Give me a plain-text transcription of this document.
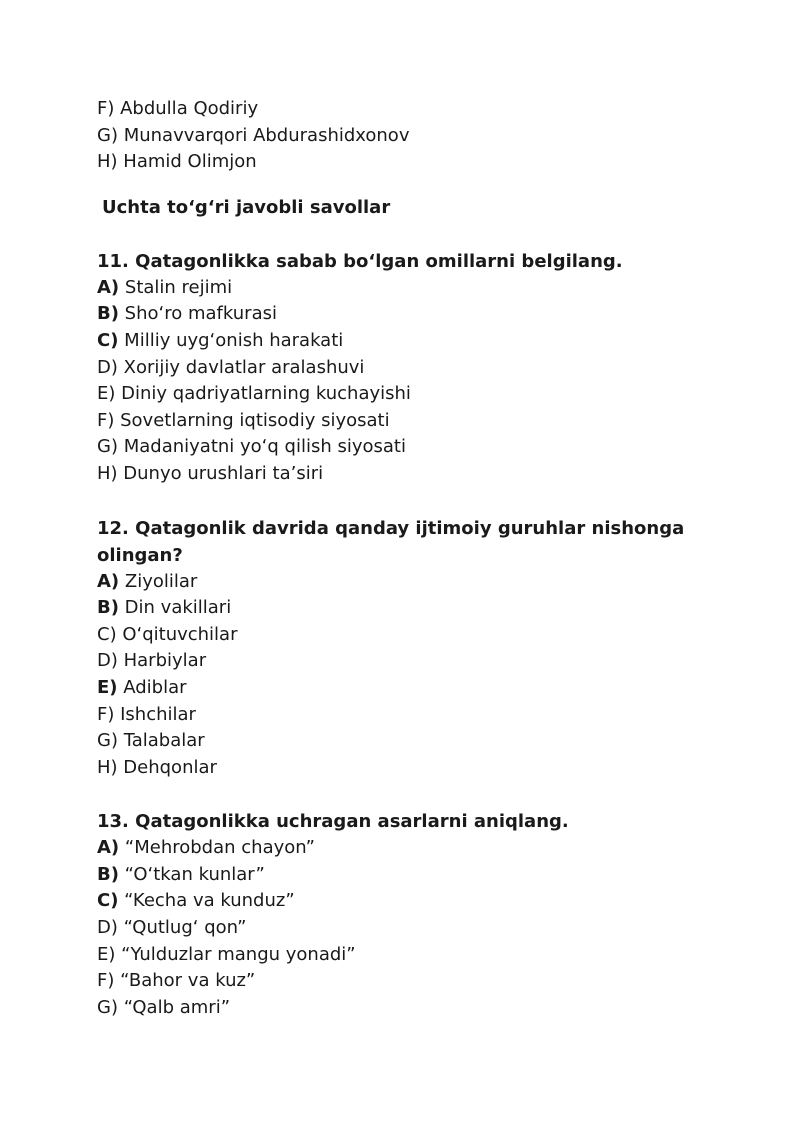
F) Abdulla Qodiriy
G) Munavvarqori Abdurashidxonov
H) Hamid Olimjon
Uchta to‘g‘ri javobli savollar
11. Qatagonlikka sabab bo‘lgan omillarni belgilang.
A) Stalin rejimi
B) Sho‘ro mafkurasi
C) Milliy uyg‘onish harakati
D) Xorijiy davlatlar aralashuvi
E) Diniy qadriyatlarning kuchayishi
F) Sovetlarning iqtisodiy siyosati
G) Madaniyatni yo‘q qilish siyosati
H) Dunyo urushlari ta’siri
12. Qatagonlik davrida qanday ijtimoiy guruhlar nishonga olingan?
A) Ziyolilar
B) Din vakillari
C) O‘qituvchilar
D) Harbiylar
E) Adiblar
F) Ishchilar
G) Talabalar
H) Dehqonlar
13. Qatagonlikka uchragan asarlarni aniqlang.
A) “Mehrobdan chayon”
B) “O‘tkan kunlar”
C) “Kecha va kunduz”
D) “Qutlug‘ qon”
E) “Yulduzlar mangu yonadi”
F) “Bahor va kuz”
G) “Qalb amri”
